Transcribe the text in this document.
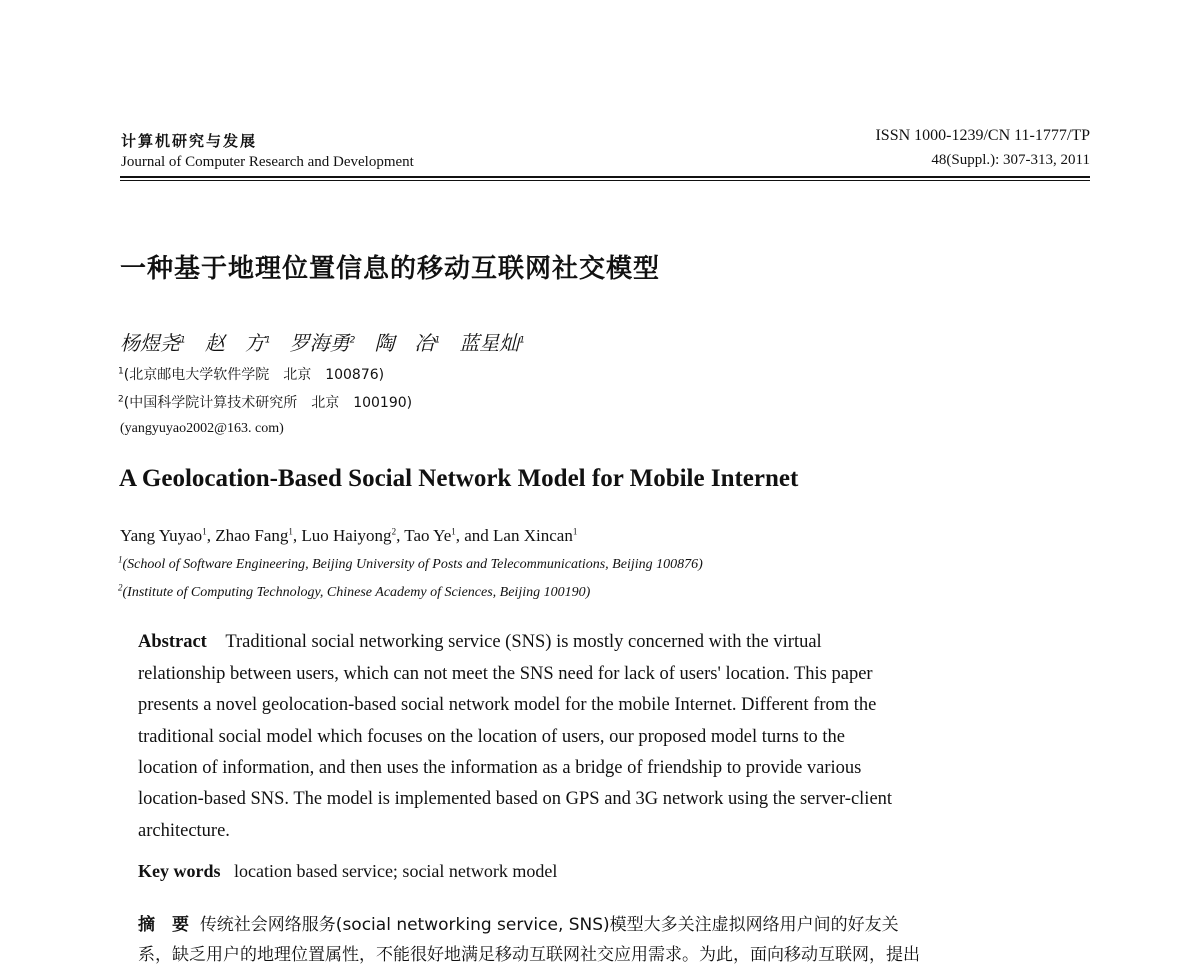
计算机研究与发展
Journal of Computer Research and Development
ISSN 1000-1239/CN 11-1777/TP
48(Suppl.): 307-313, 2011
一种基于地理位置信息的移动互联网社交模型
杨煜尧$^1$ 赵　方$^1$ 罗海勇$^2$ 陶　冶$^1$ 蓝星灿$^1$
$^1$(北京邮电大学软件学院　北京　100876)
$^2$(中国科学院计算技术研究所　北京　100190)
(yangyuyao2002@163. com)
A Geolocation-Based Social Network Model for Mobile Internet
Yang Yuyao$^1$, Zhao Fang$^1$, Luo Haiyong$^2$, Tao Ye$^1$, and Lan Xincan$^1$
$^1$(School of Software Engineering, Beijing University of Posts and Telecommunications, Beijing 100876)
$^2$(Institute of Computing Technology, Chinese Academy of Sciences, Beijing 100190)
Abstract Traditional social networking service (SNS) is mostly concerned with the virtual
relationship between users, which can not meet the SNS need for lack of users' location. This paper
presents a novel geolocation-based social network model for the mobile Internet. Different from the
traditional social model which focuses on the location of users, our proposed model turns to the
location of information, and then uses the information as a bridge of friendship to provide various
location-based SNS. The model is implemented based on GPS and 3G network using the server-client
architecture.
Key words location based service; social network model
摘　要 传统社会网络服务(social networking service, SNS)模型大多关注虚拟网络用户间的好友关
系，缺乏用户的地理位置属性，不能很好地满足移动互联网社交应用需求。为此，面向移动互联网，提出
